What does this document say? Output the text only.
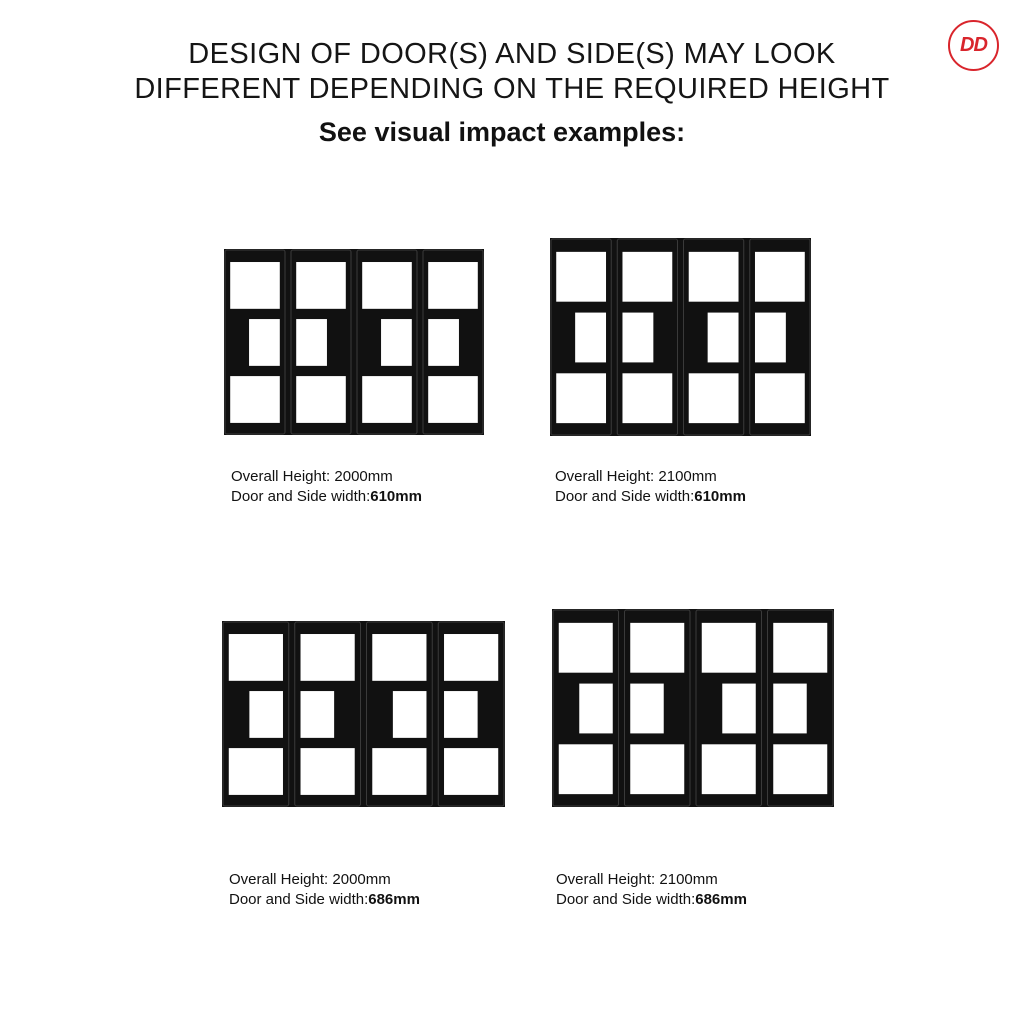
DESIGN OF DOOR(S) AND SIDE(S) MAY LOOK
DIFFERENT DEPENDING ON THE REQUIRED HEIGHT
See visual impact examples:
DD
Overall Height: 2000mm
Door and Side width:610mm
Overall Height: 2100mm
Door and Side width:610mm
Overall Height: 2000mm
Door and Side width:686mm
Overall Height: 2100mm
Door and Side width:686mm
